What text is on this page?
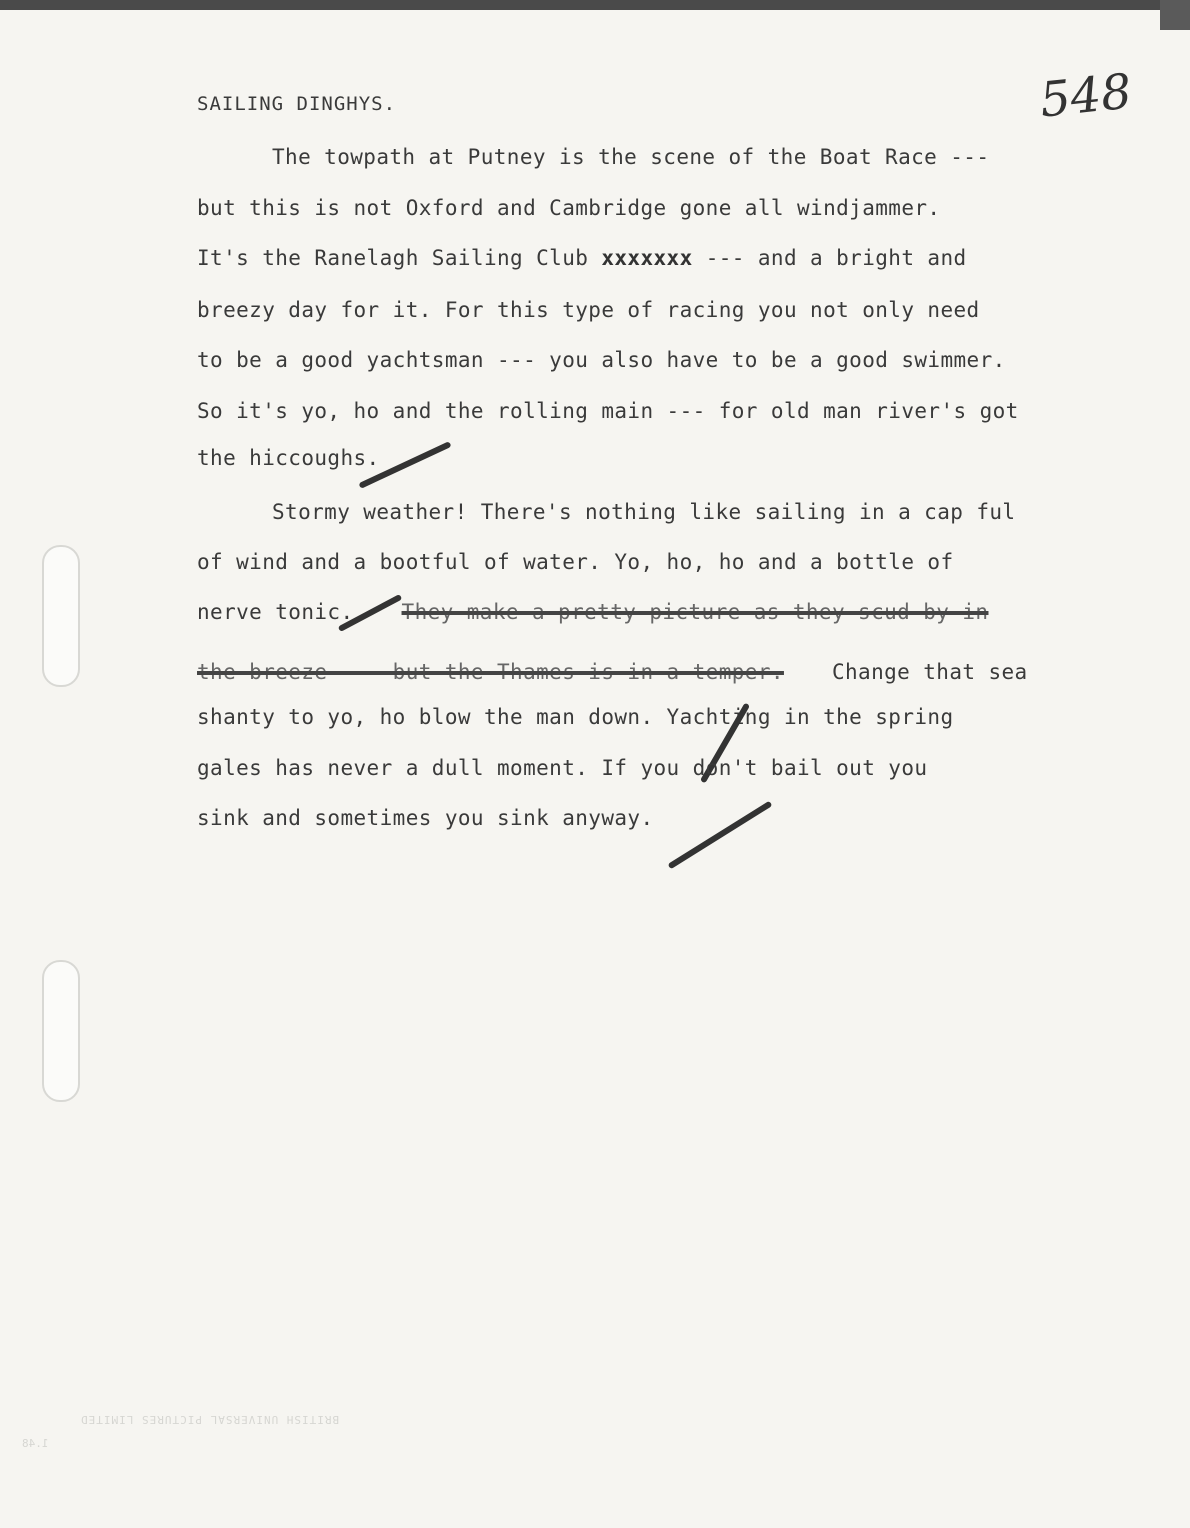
548
SAILING DINGHYS.
The towpath at Putney is the scene of the Boat Race ---
but this is not Oxford and Cambridge gone all windjammer.
It's the Ranelagh Sailing Club xxxxxxx --- and a bright and
breezy day for it. For this type of racing you not only need
to be a good yachtsman --- you also have to be a good swimmer.
So it's yo, ho and the rolling main --- for old man river's got
the hiccoughs.
Stormy weather! There's nothing like sailing in a cap ful
of wind and a bootful of water. Yo, ho, ho and a bottle of
nerve tonic. They make a pretty picture as they scud by in
the breeze --- but the Thames is in a temper. Change that sea
shanty to yo, ho blow the man down. Yachting in the spring
gales has never a dull moment. If you don't bail out you
sink and sometimes you sink anyway.
BRITISH UNIVERSAL PICTURES LIMITED
1.48
